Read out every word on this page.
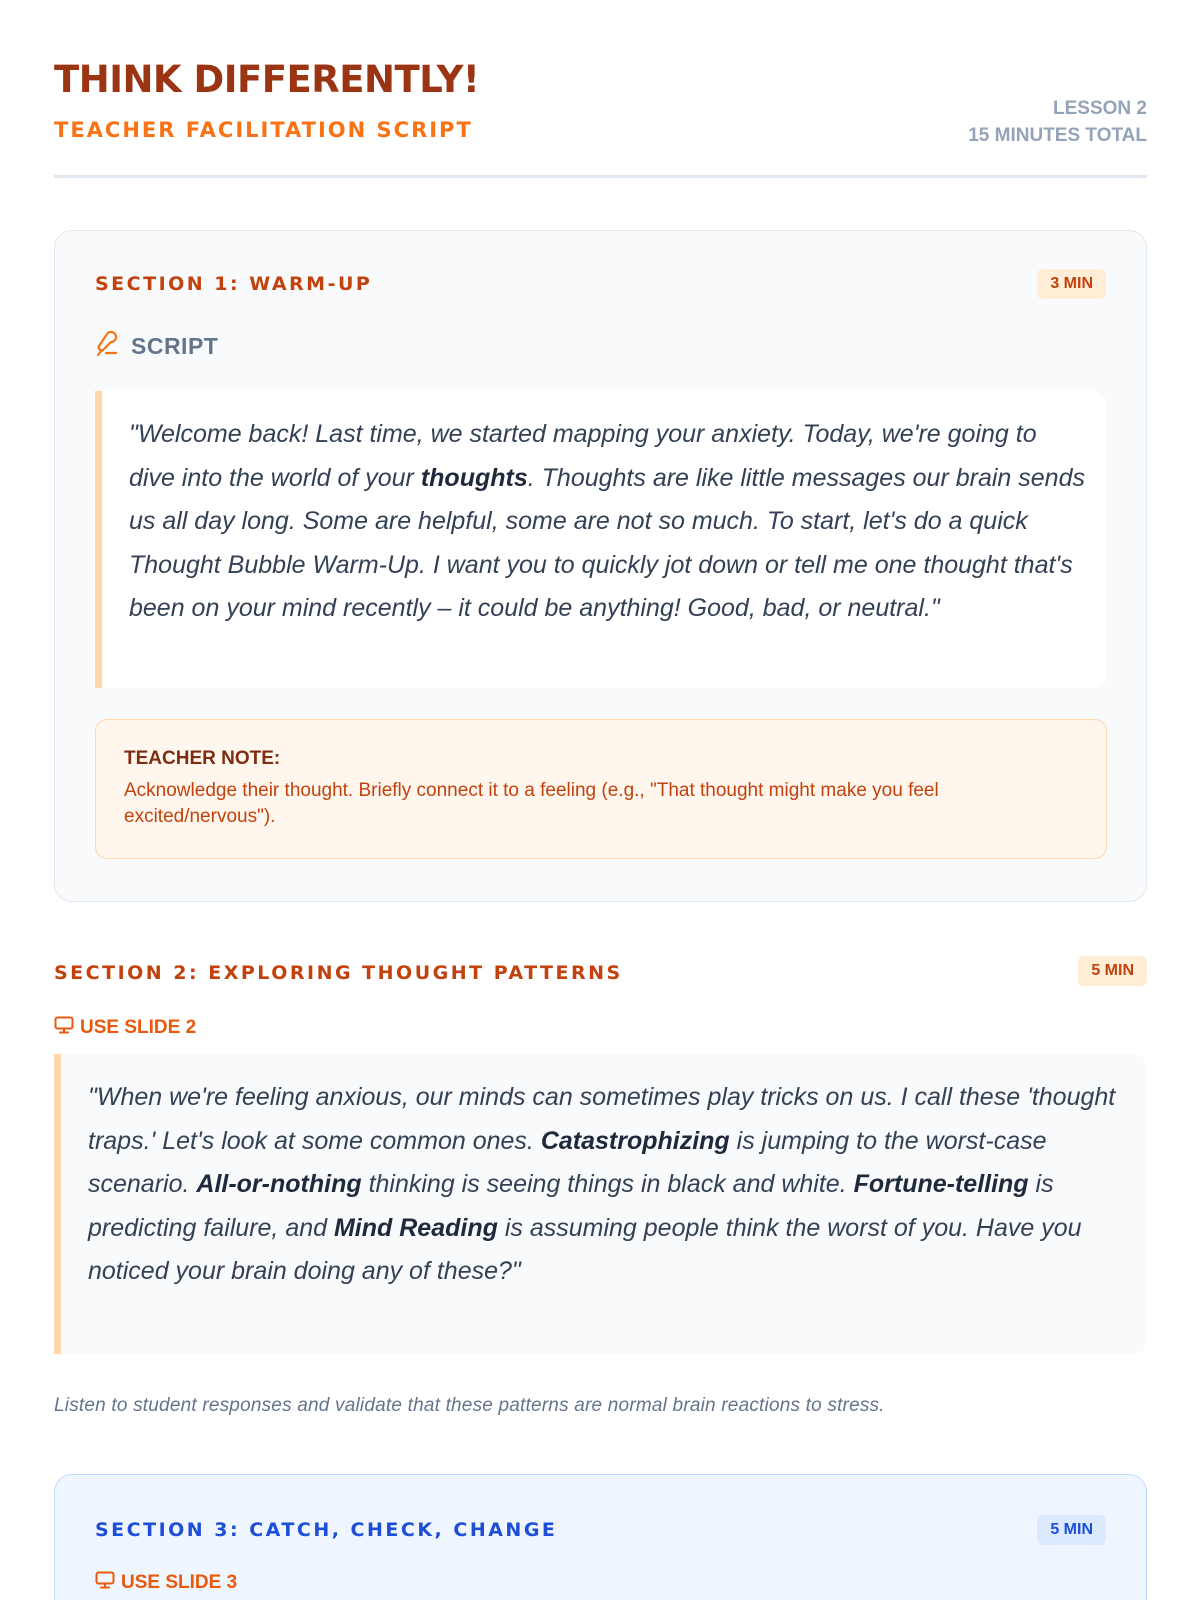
THINK DIFFERENTLY!
TEACHER FACILITATION SCRIPT
LESSON 2
15 MINUTES TOTAL
SECTION 1: WARM-UP	3 MIN
SCRIPT
"Welcome back! Last time, we started mapping your anxiety. Today, we're going to dive into the world of your thoughts. Thoughts are like little messages our brain sends us all day long. Some are helpful, some are not so much. To start, let's do a quick Thought Bubble Warm-Up. I want you to quickly jot down or tell me one thought that's been on your mind recently – it could be anything! Good, bad, or neutral."
TEACHER NOTE:
Acknowledge their thought. Briefly connect it to a feeling (e.g., "That thought might make you feel excited/nervous").
SECTION 2: EXPLORING THOUGHT PATTERNS	5 MIN
USE SLIDE 2
"When we're feeling anxious, our minds can sometimes play tricks on us. I call these 'thought traps.' Let's look at some common ones. Catastrophizing is jumping to the worst-case scenario. All-or-nothing thinking is seeing things in black and white. Fortune-telling is predicting failure, and Mind Reading is assuming people think the worst of you. Have you noticed your brain doing any of these?"
Listen to student responses and validate that these patterns are normal brain reactions to stress.
SECTION 3: CATCH, CHECK, CHANGE	5 MIN
USE SLIDE 3
